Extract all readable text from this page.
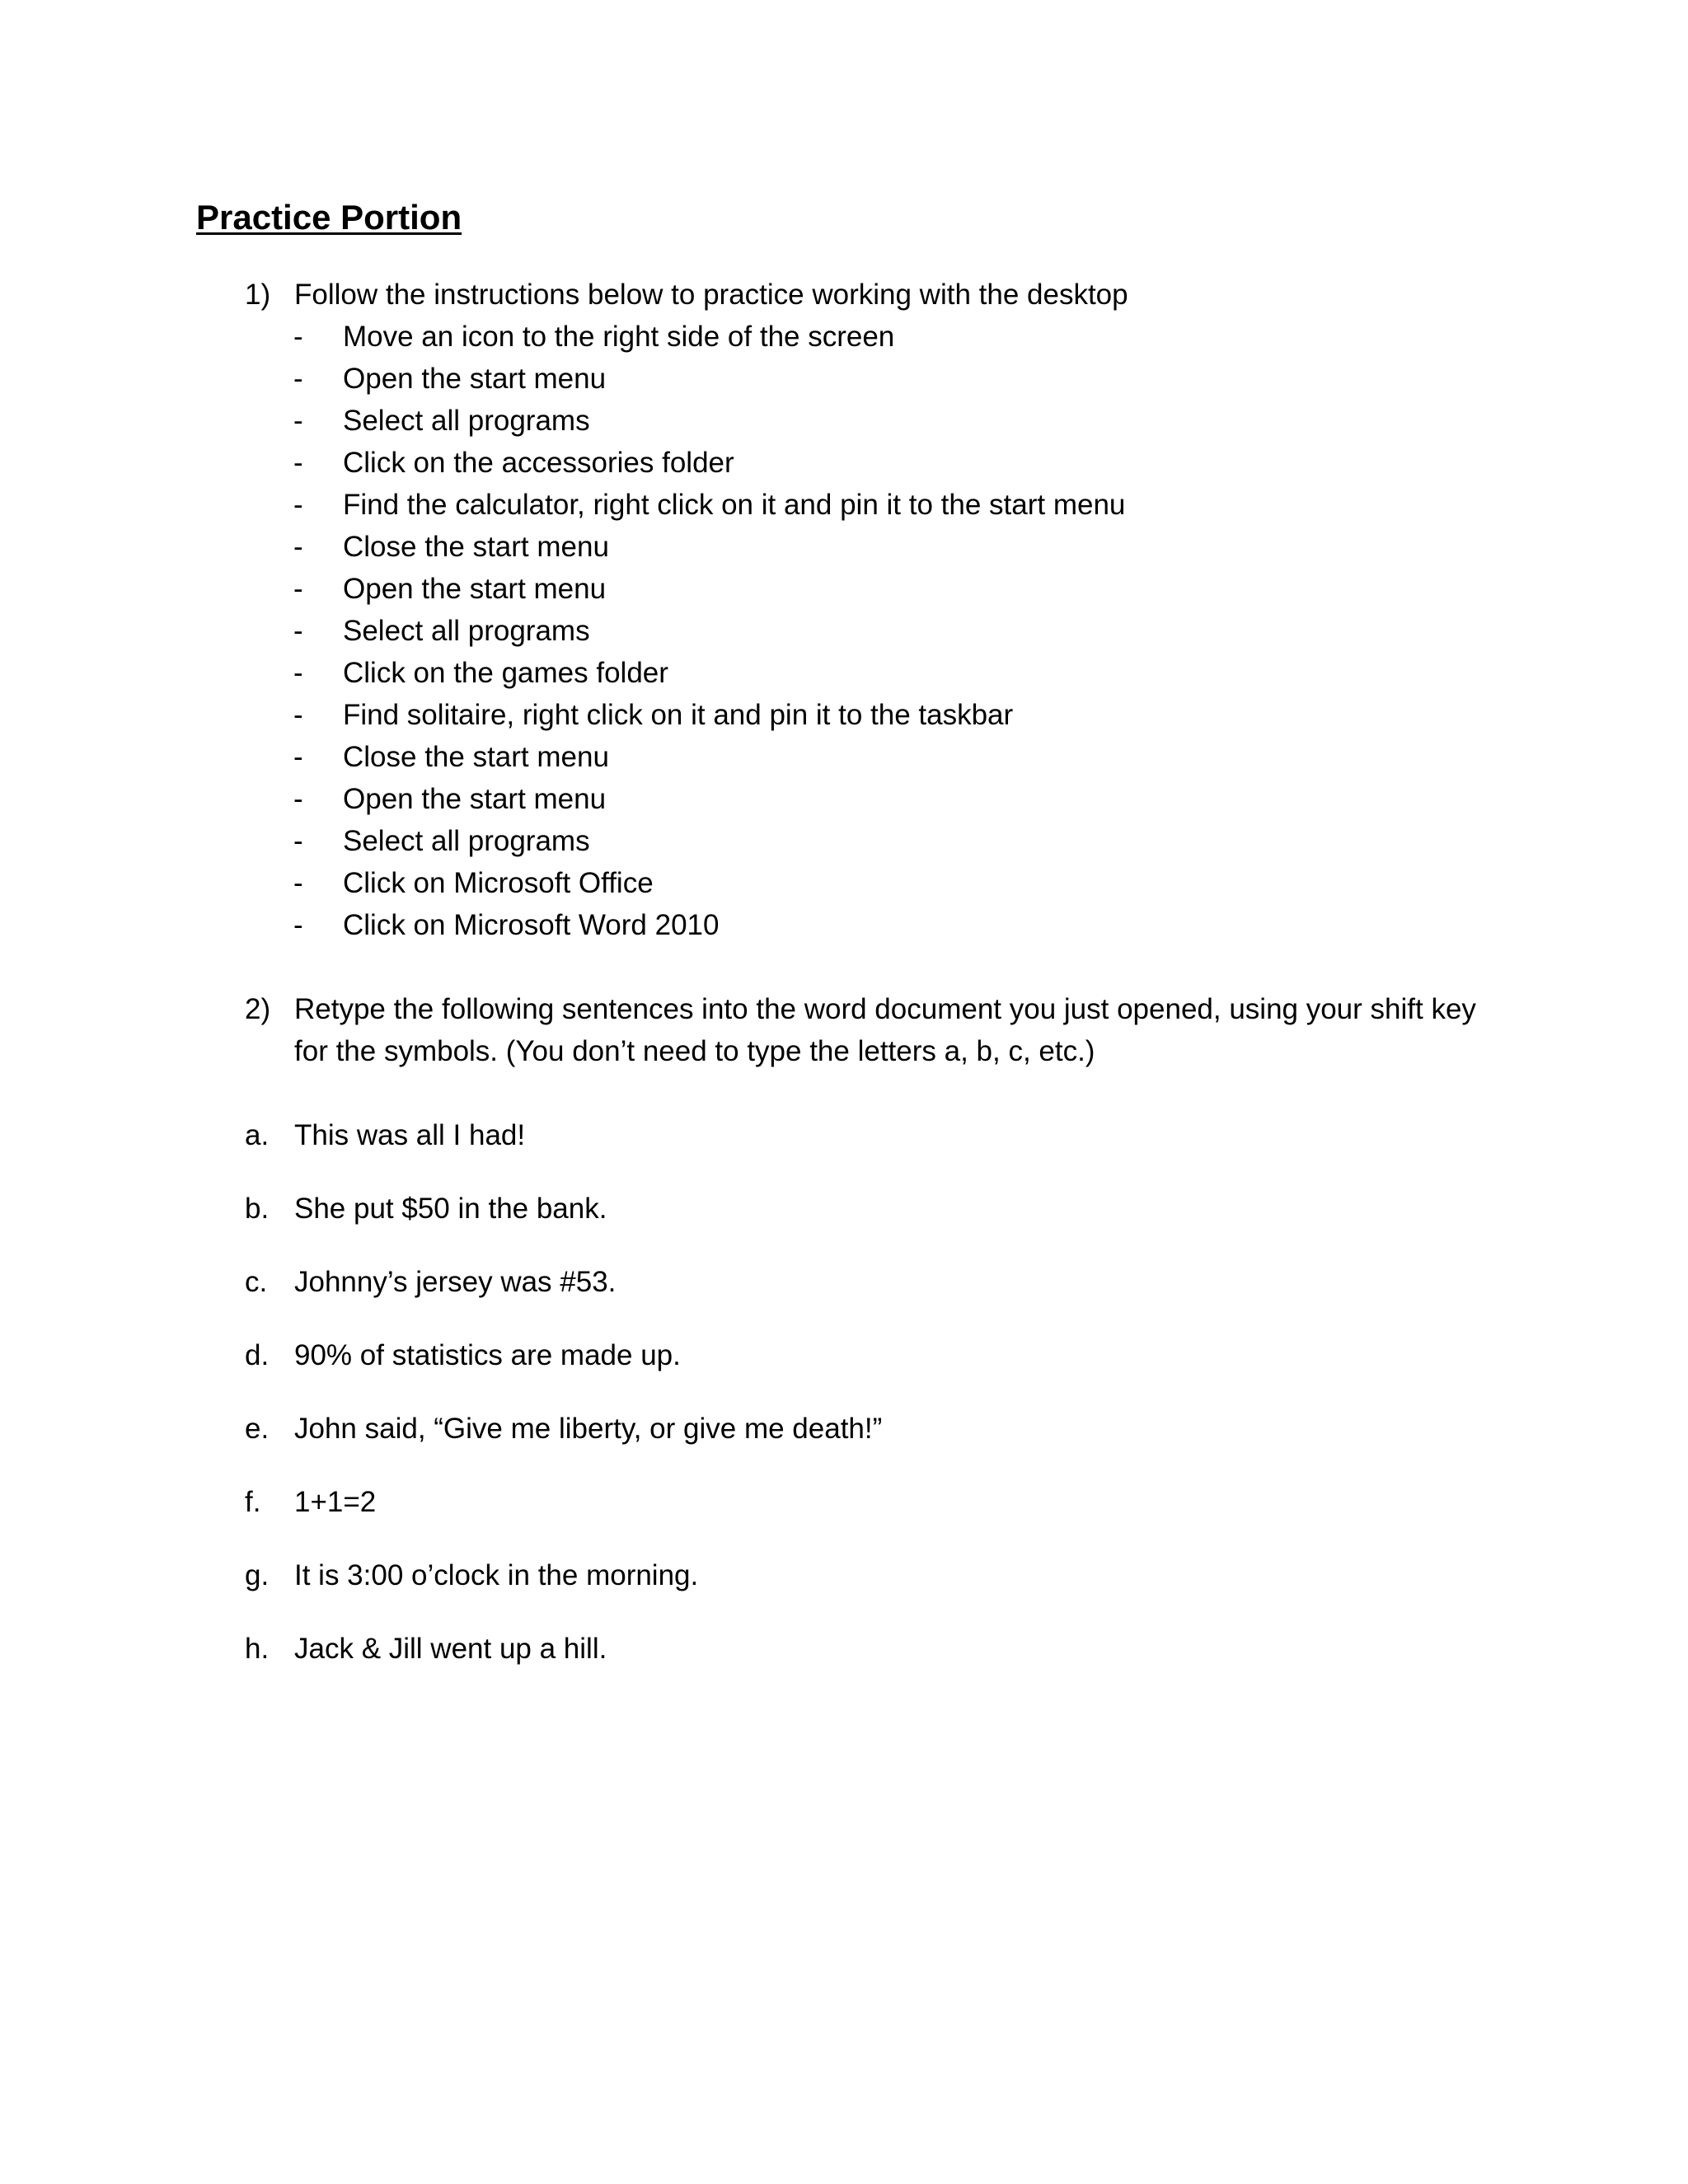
Practice Portion
1) Follow the instructions below to practice working with the desktop
- Move an icon to the right side of the screen
- Open the start menu
- Select all programs
- Click on the accessories folder
- Find the calculator, right click on it and pin it to the start menu
- Close the start menu
- Open the start menu
- Select all programs
- Click on the games folder
- Find solitaire, right click on it and pin it to the taskbar
- Close the start menu
- Open the start menu
- Select all programs
- Click on Microsoft Office
- Click on Microsoft Word 2010
2) Retype the following sentences into the word document you just opened, using your shift key
for the symbols. (You don’t need to type the letters a, b, c, etc.)
a. This was all I had!
b. She put $50 in the bank.
c. Johnny’s jersey was #53.
d. 90% of statistics are made up.
e. John said, “Give me liberty, or give me death!”
f. 1+1=2
g. It is 3:00 o’clock in the morning.
h. Jack & Jill went up a hill.
